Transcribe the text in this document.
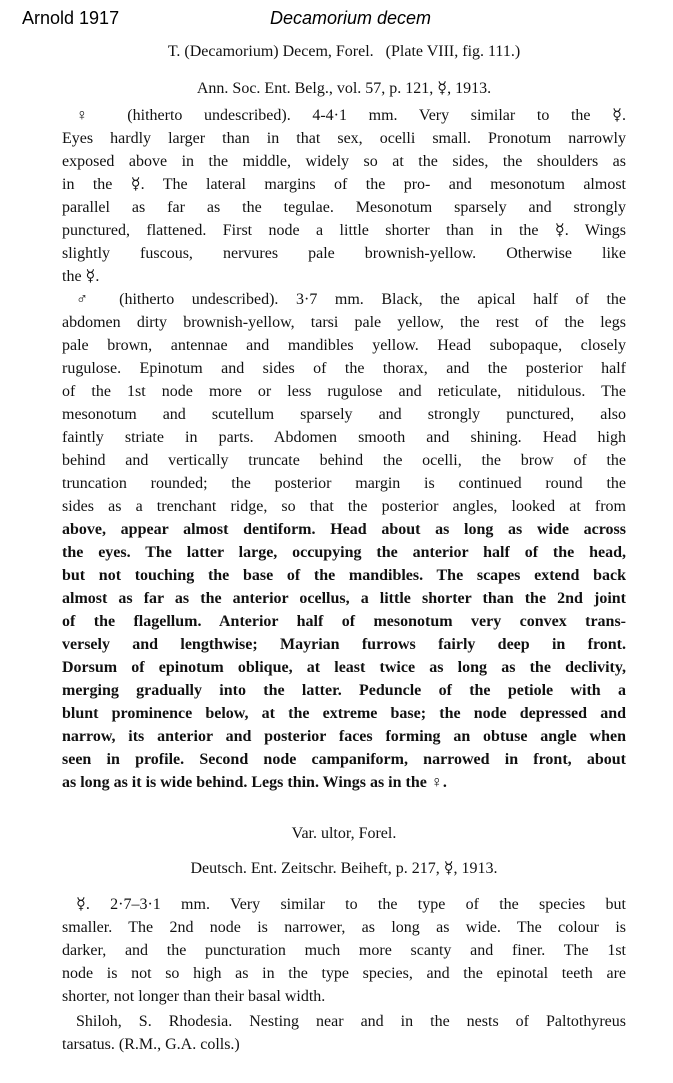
Arnold 1917	Decamorium decem
T. (Decamorium) Decem, Forel. (Plate VIII, fig. 111.)
Ann. Soc. Ent. Belg., vol. 57, p. 121, ☿, 1913.
♀ (hitherto undescribed). 4-4·1 mm. Very similar to the ☿.
Eyes hardly larger than in that sex, ocelli small. Pronotum narrowly
exposed above in the middle, widely so at the sides, the shoulders as
in the ☿. The lateral margins of the pro- and mesonotum almost
parallel as far as the tegulae. Mesonotum sparsely and strongly
punctured, flattened. First node a little shorter than in the ☿. Wings
slightly fuscous, nervures pale brownish-yellow. Otherwise like
the ☿.
♂ (hitherto undescribed). 3·7 mm. Black, the apical half of the
abdomen dirty brownish-yellow, tarsi pale yellow, the rest of the legs
pale brown, antennae and mandibles yellow. Head subopaque, closely
rugulose. Epinotum and sides of the thorax, and the posterior half
of the 1st node more or less rugulose and reticulate, nitidulous. The
mesonotum and scutellum sparsely and strongly punctured, also
faintly striate in parts. Abdomen smooth and shining. Head high
behind and vertically truncate behind the ocelli, the brow of the
truncation rounded; the posterior margin is continued round the
sides as a trenchant ridge, so that the posterior angles, looked at from
above, appear almost dentiform. Head about as long as wide across
the eyes. The latter large, occupying the anterior half of the head,
but not touching the base of the mandibles. The scapes extend back
almost as far as the anterior ocellus, a little shorter than the 2nd joint
of the flagellum. Anterior half of mesonotum very convex trans-
versely and lengthwise; Mayrian furrows fairly deep in front.
Dorsum of epinotum oblique, at least twice as long as the declivity,
merging gradually into the latter. Peduncle of the petiole with a
blunt prominence below, at the extreme base; the node depressed and
narrow, its anterior and posterior faces forming an obtuse angle when
seen in profile. Second node campaniform, narrowed in front, about
as long as it is wide behind. Legs thin. Wings as in the ♀.
Var. ultor, Forel.
Deutsch. Ent. Zeitschr. Beiheft, p. 217, ☿, 1913.
☿. 2·7–3·1 mm. Very similar to the type of the species but
smaller. The 2nd node is narrower, as long as wide. The colour is
darker, and the puncturation much more scanty and finer. The 1st
node is not so high as in the type species, and the epinotal teeth are
shorter, not longer than their basal width.
Shiloh, S. Rhodesia. Nesting near and in the nests of Paltothyreus
tarsatus. (R.M., G.A. colls.)
